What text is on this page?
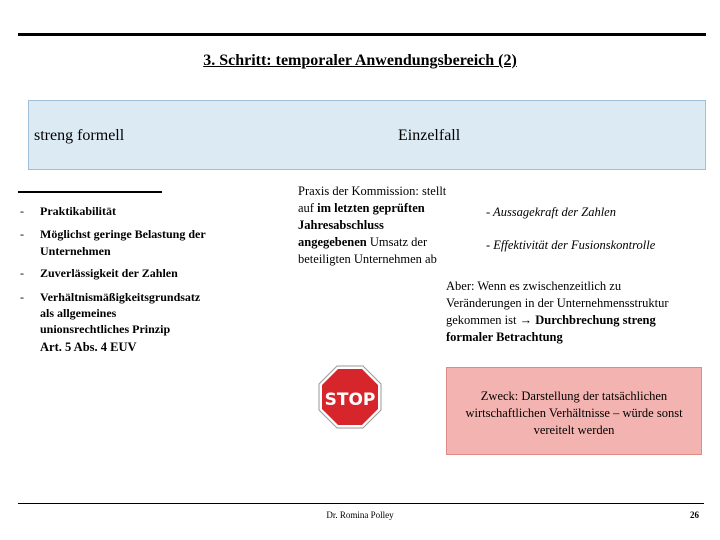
3. Schritt: temporaler Anwendungsbereich (2)
streng formell	Einzelfall
- Praktikabilität
- Möglichst geringe Belastung der
Unternehmen
- Zuverlässigkeit der Zahlen
- Verhältnismäßigkeitsgrundsatz
als allgemeines
unionsrechtliches Prinzip
Art. 5 Abs. 4 EUV
Praxis der Kommission: stellt
auf im letzten geprüften
Jahresabschluss
angegebenen Umsatz der
beteiligten Unternehmen ab
- Aussagekraft der Zahlen
- Effektivität der Fusionskontrolle
Aber: Wenn es zwischenzeitlich zu
Veränderungen in der Unternehmensstruktur
gekommen ist → Durchbrechung streng
formaler Betrachtung
STOP	Zweck: Darstellung der tatsächlichen
wirtschaftlichen Verhältnisse – würde sonst
vereitelt werden
Dr. Romina Polley	26
